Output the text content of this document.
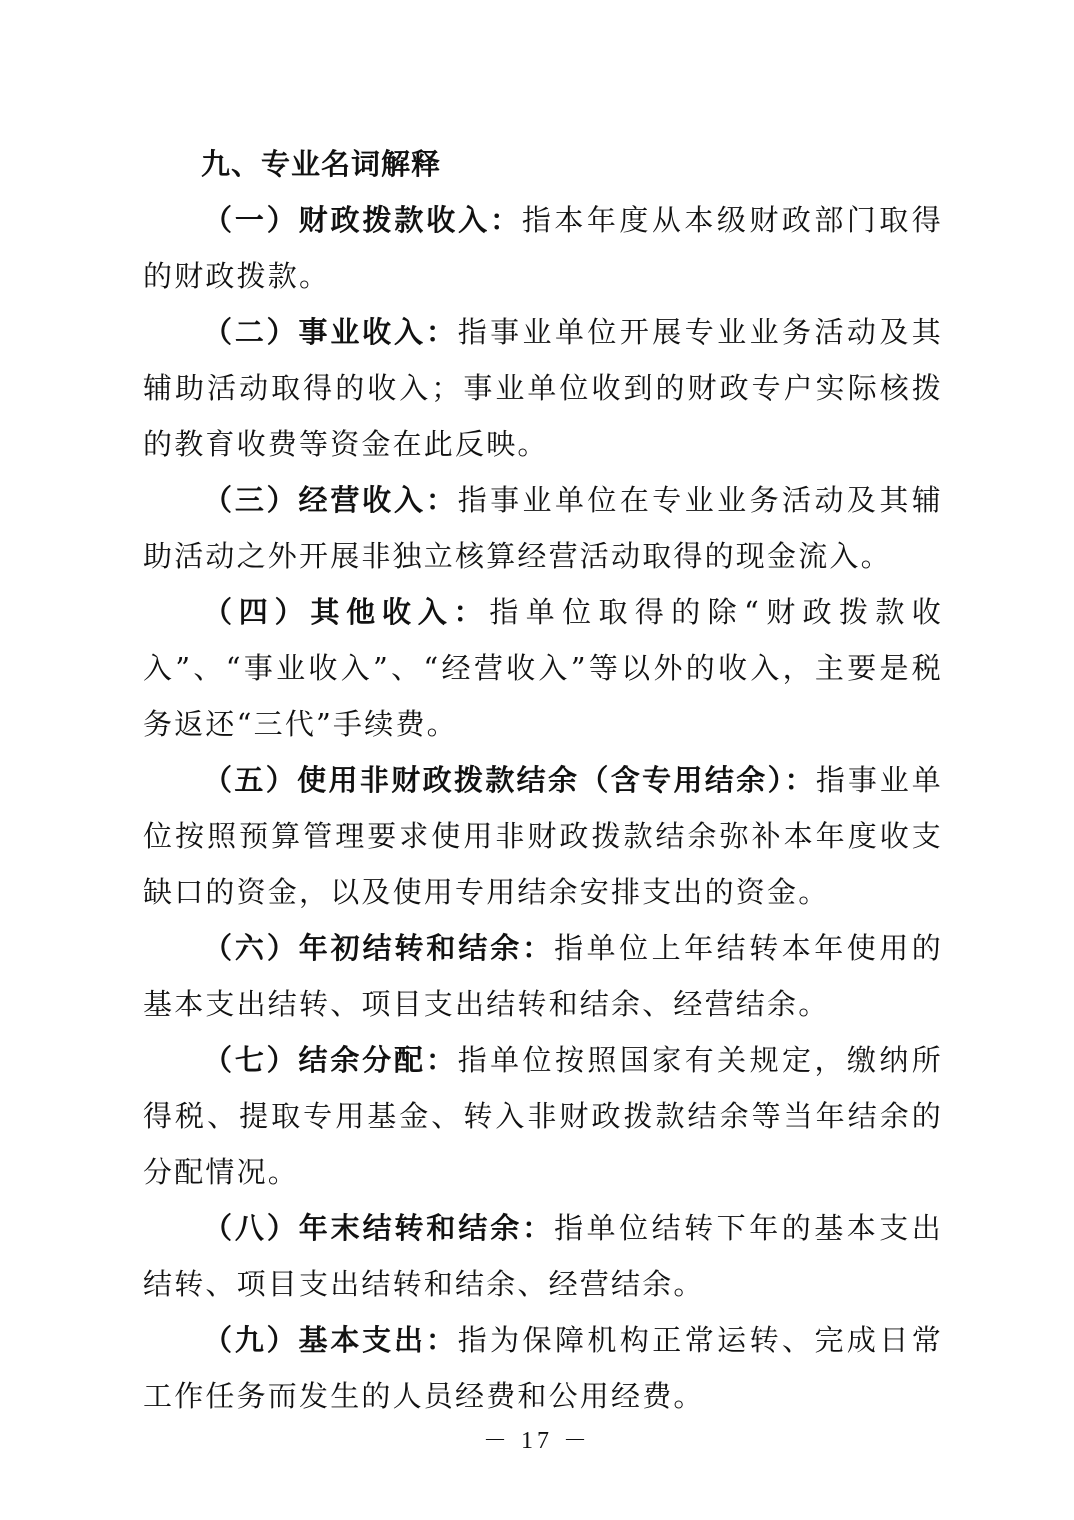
九、专业名词解释

（一）财政拨款收入：指本年度从本级财政部门取得的财政拨款。

（二）事业收入：指事业单位开展专业业务活动及其辅助活动取得的收入；事业单位收到的财政专户实际核拨的教育收费等资金在此反映。

（三）经营收入：指事业单位在专业业务活动及其辅助活动之外开展非独立核算经营活动取得的现金流入。

（四）其他收入：指单位取得的除“财政拨款收入”、“事业收入”、“经营收入”等以外的收入，主要是税务返还“三代”手续费。

（五）使用非财政拨款结余（含专用结余）：指事业单位按照预算管理要求使用非财政拨款结余弥补本年度收支缺口的资金，以及使用专用结余安排支出的资金。

（六）年初结转和结余：指单位上年结转本年使用的基本支出结转、项目支出结转和结余、经营结余。

（七）结余分配：指单位按照国家有关规定，缴纳所得税、提取专用基金、转入非财政拨款结余等当年结余的分配情况。

（八）年末结转和结余：指单位结转下年的基本支出结转、项目支出结转和结余、经营结余。

（九）基本支出：指为保障机构正常运转、完成日常工作任务而发生的人员经费和公用经费。

－ 17 －
